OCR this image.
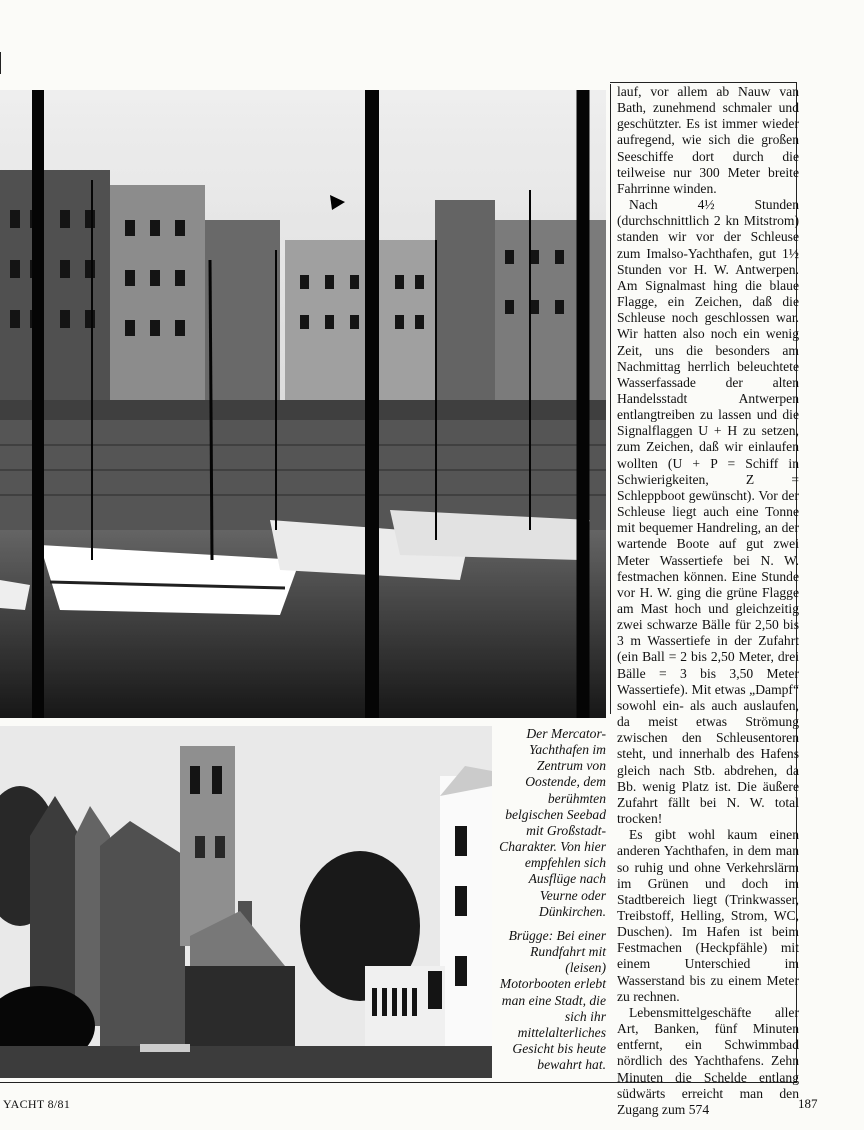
lauf, vor allem ab Nauw van Bath, zunehmend schmaler und geschützter. Es ist immer wieder aufregend, wie sich die großen Seeschiffe dort durch die teilweise nur 300 Meter breite Fahrrinne winden.

Nach 4½ Stunden (durchschnittlich 2 kn Mitstrom) standen wir vor der Schleuse zum Imalso-Yachthafen, gut 1½ Stunden vor H. W. Antwerpen. Am Signalmast hing die blaue Flagge, ein Zeichen, daß die Schleuse noch geschlossen war. Wir hatten also noch ein wenig Zeit, uns die besonders am Nachmittag herrlich beleuchtete Wasserfassade der alten Handelsstadt Antwerpen entlangtreiben zu lassen und die Signalflaggen U + H zu setzen, zum Zeichen, daß wir einlaufen wollten (U + P = Schiff in Schwierigkeiten, Z = Schleppboot gewünscht). Vor der Schleuse liegt auch eine Tonne mit bequemer Handreling, an der wartende Boote auf gut zwei Meter Wassertiefe bei N. W. festmachen können. Eine Stunde vor H. W. ging die grüne Flagge am Mast hoch und gleichzeitig zwei schwarze Bälle für 2,50 bis 3 m Wassertiefe in der Zufahrt (ein Ball = 2 bis 2,50 Meter, drei Bälle = 3 bis 3,50 Meter Wassertiefe). Mit etwas „Dampf“ sowohl ein- als auch auslaufen, da meist etwas Strömung zwischen den Schleusentoren steht, und innerhalb des Hafens gleich nach Stb. abdrehen, da Bb. wenig Platz ist. Die äußere Zufahrt fällt bei N. W. total trocken!

Es gibt wohl kaum einen anderen Yachthafen, in dem man so ruhig und ohne Verkehrslärm im Grünen und doch im Stadtbereich liegt (Trinkwasser, Treibstoff, Helling, Strom, WC, Duschen). Im Hafen ist beim Festmachen (Heckpfähle) mit einem Unterschied im Wasserstand bis zu einem Meter zu rechnen.

Lebensmittelgeschäfte aller Art, Banken, fünf Minuten entfernt, ein Schwimmbad nördlich des Yachthafens. Zehn Minuten die Schelde entlang südwärts erreicht man den Zugang zum 574

Der Mercator-Yachthafen im Zentrum von Oostende, dem berühmten belgischen Seebad mit Großstadt-Charakter. Von hier empfehlen sich Ausflüge nach Veurne oder Dünkirchen.

Brügge: Bei einer Rundfahrt mit (leisen) Motorbooten erlebt man eine Stadt, die sich ihr mittelalterliches Gesicht bis heute bewahrt hat.

YACHT 8/81	187
